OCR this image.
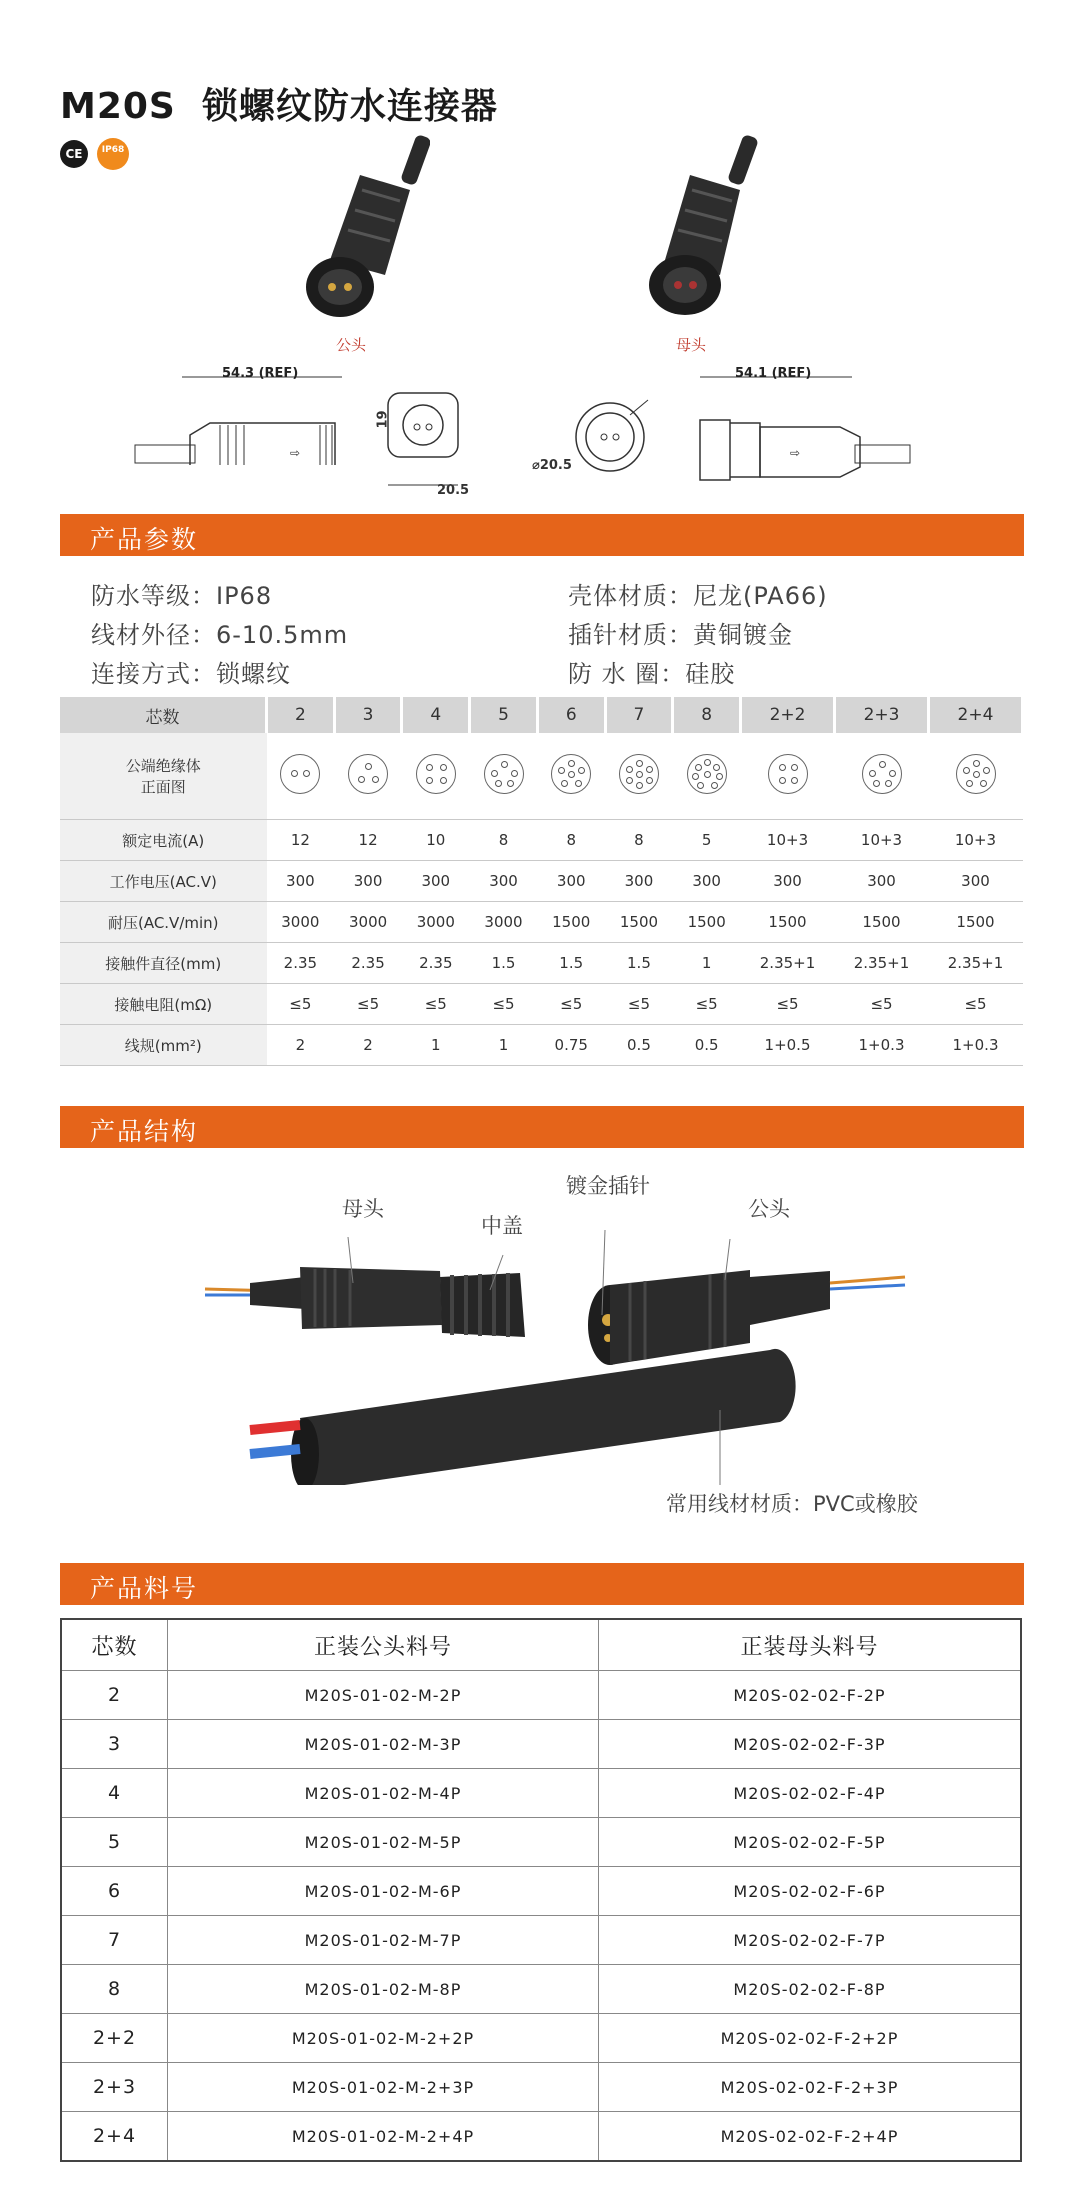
M20S 锁螺纹防水连接器
CE	IP68
公头	母头
⇨
54.3 (REF)
19
20.5
⌀20.5
⇨
54.1 (REF)
产品参数
防水等级：IP68	壳体材质：尼龙(PA66)
线材外径：6-10.5mm	插针材质：黄铜镀金
连接方式：锁螺纹	防 水 圈：硅胶
芯数	2	3	4	5	6	7	8	2+2	2+3	2+4

公端绝缘体
正面图										

额定电流(A)	12	12	10	8	8	8	5	10+3	10+3	10+3
工作电压(AC.V)	300	300	300	300	300	300	300	300	300	300
耐压(AC.V/min)	3000	3000	3000	3000	1500	1500	1500	1500	1500	1500
接触件直径(mm)	2.35	2.35	2.35	1.5	1.5	1.5	1	2.35+1	2.35+1	2.35+1
接触电阻(mΩ)	≤5	≤5	≤5	≤5	≤5	≤5	≤5	≤5	≤5	≤5
线规(mm²)	2	2	1	1	0.75	0.5	0.5	1+0.5	1+0.3	1+0.3
产品结构
母头
中盖
镀金插针
公头
常用线材材质：PVC或橡胶
产品料号
芯数	正装公头料号	正装母头料号
2	M20S-01-02-M-2P	M20S-02-02-F-2P
3	M20S-01-02-M-3P	M20S-02-02-F-3P
4	M20S-01-02-M-4P	M20S-02-02-F-4P
5	M20S-01-02-M-5P	M20S-02-02-F-5P
6	M20S-01-02-M-6P	M20S-02-02-F-6P
7	M20S-01-02-M-7P	M20S-02-02-F-7P
8	M20S-01-02-M-8P	M20S-02-02-F-8P
2+2	M20S-01-02-M-2+2P	M20S-02-02-F-2+2P
2+3	M20S-01-02-M-2+3P	M20S-02-02-F-2+3P
2+4	M20S-01-02-M-2+4P	M20S-02-02-F-2+4P
